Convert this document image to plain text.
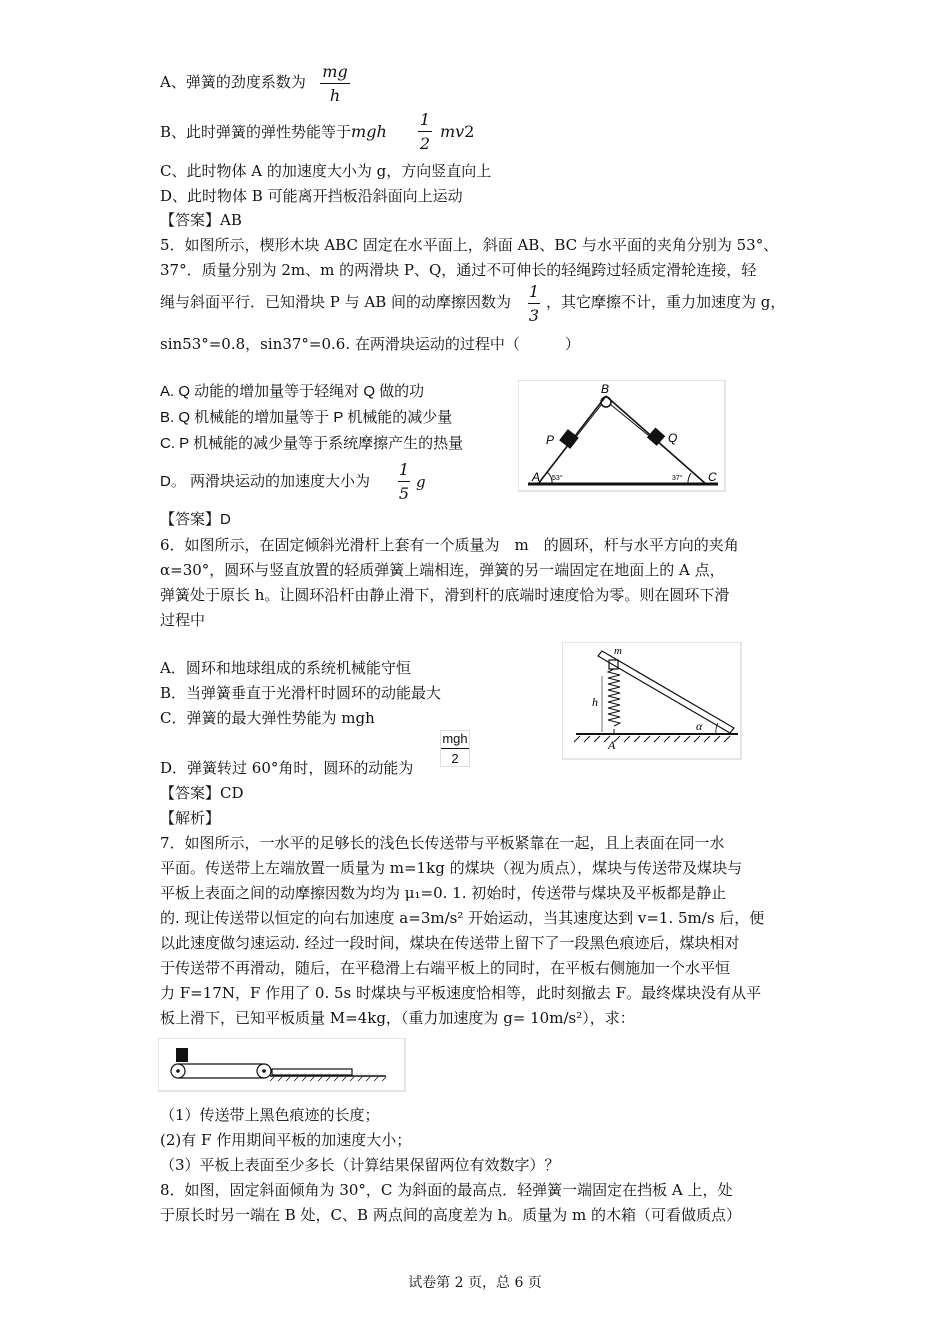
A、弹簧的劲度系数为
mg
h
B、此时弹簧的弹性势能等于mgh
1
2
mv2
C、此时物体 A 的加速度大小为 g，方向竖直向上
D、此时物体 B 可能离开挡板沿斜面向上运动
【答案】AB
5．如图所示，楔形木块 ABC 固定在水平面上，斜面 AB、BC 与水平面的夹角分别为 53°、
37°．质量分别为 2m、m 的两滑块 P、Q，通过不可伸长的轻绳跨过轻质定滑轮连接，轻
绳与斜面平行．已知滑块 P 与 AB 间的动摩擦因数为
1
3
，其它摩擦不计，重力加速度为 g，
sin53°=0.8，sin37°=0.6. 在两滑块运动的过程中（　　　）
A. Q 动能的增加量等于轻绳对 Q 做的功
B. Q 机械能的增加量等于 P 机械能的减少量
C. P 机械能的减少量等于系统摩擦产生的热量
D。 两滑块运动的加速度大小为
1
5
g
B
P	Q
A	C
53°	37°
【答案】D
6．如图所示，在固定倾斜光滑杆上套有一个质量为　m　的圆环，杆与水平方向的夹角
α=30°，圆环与竖直放置的轻质弹簧上端相连，弹簧的另一端固定在地面上的 A 点，
弹簧处于原长 h。让圆环沿杆由静止滑下，滑到杆的底端时速度恰为零。则在圆环下滑
过程中
A．圆环和地球组成的系统机械能守恒
B．当弹簧垂直于光滑杆时圆环的动能最大
C．弹簧的最大弹性势能为 mgh
D．弹簧转过 60°角时，圆环的动能为
mgh
2
m
h
A
α
【答案】CD
【解析】
7．如图所示，一水平的足够长的浅色长传送带与平板紧靠在一起，且上表面在同一水
平面。传送带上左端放置一质量为 m=1kg 的煤块（视为质点），煤块与传送带及煤块与
平板上表面之间的动摩擦因数为均为 μ₁=0. 1. 初始时，传送带与煤块及平板都是静止
的. 现让传送带以恒定的向右加速度 a=3m/s² 开始运动，当其速度达到 v=1. 5m/s 后，便
以此速度做匀速运动. 经过一段时间，煤块在传送带上留下了一段黑色痕迹后，煤块相对
于传送带不再滑动，随后，在平稳滑上右端平板上的同时，在平板右侧施加一个水平恒
力 F=17N，F 作用了 0. 5s 时煤块与平板速度恰相等，此时刻撤去 F。最终煤块没有从平
板上滑下，已知平板质量 M=4kg，（重力加速度为 g= 10m/s²），求：
（1）传送带上黑色痕迹的长度；
(2)有 F 作用期间平板的加速度大小；
（3）平板上表面至少多长（计算结果保留两位有效数字）？
8．如图，固定斜面倾角为 30°，C 为斜面的最高点．轻弹簧一端固定在挡板 A 上，处
于原长时另一端在 B 处，C、B 两点间的高度差为 h。质量为 m 的木箱（可看做质点）
试卷第 2 页，总 6 页
